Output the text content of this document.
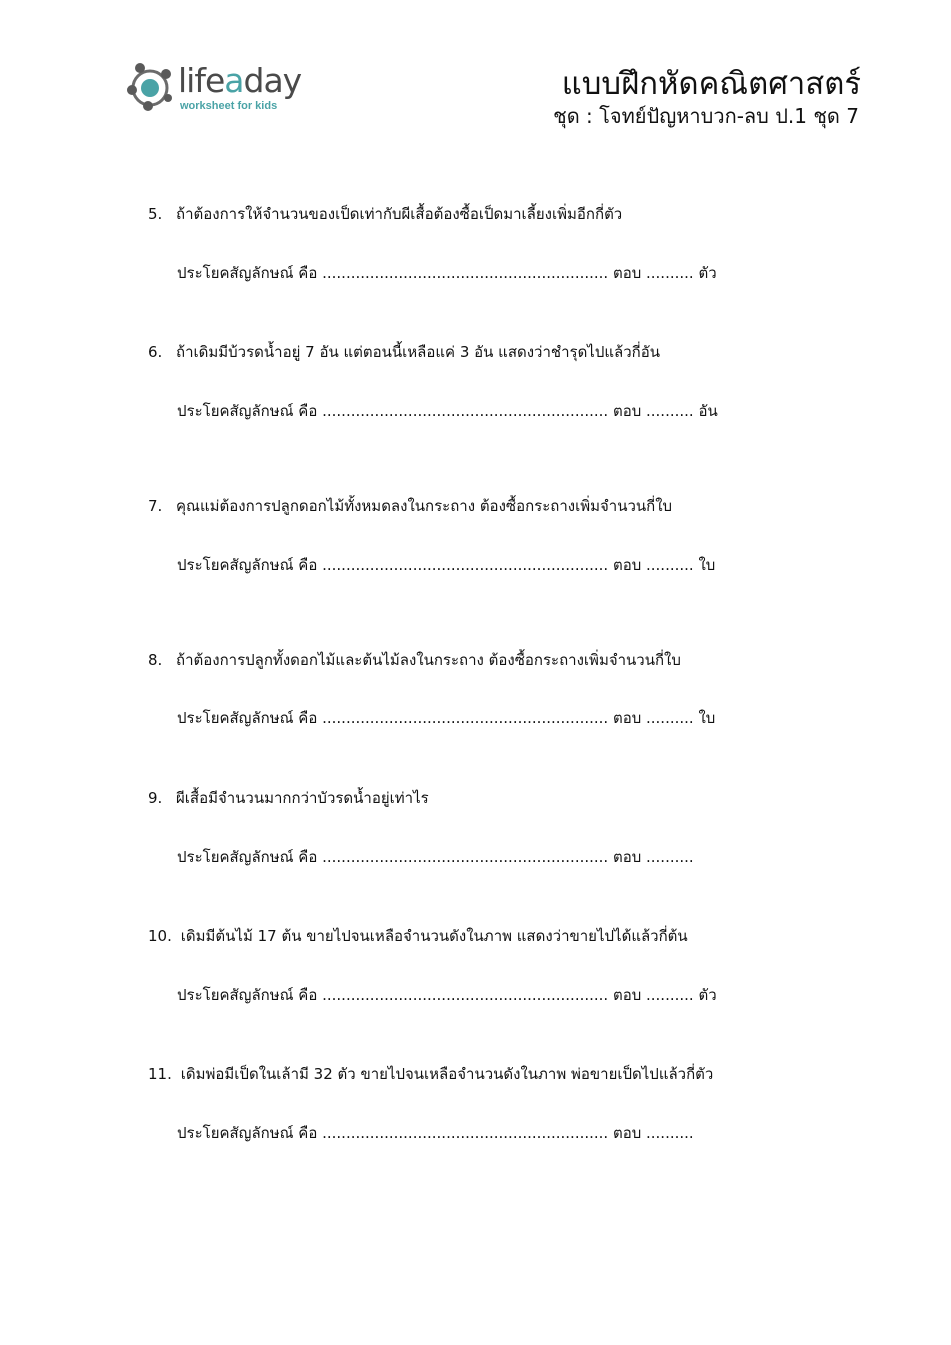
lifeaday
worksheet for kids
แบบฝึกหัดคณิตศาสตร์
ชุด : โจทย์ปัญหาบวก-ลบ ป.1 ชุด 7
5. ถ้าต้องการให้จำนวนของเป็ดเท่ากับผีเสื้อต้องซื้อเป็ดมาเลี้ยงเพิ่มอีกกี่ตัว
ประโยคสัญลักษณ์ คือ ............................................................ ตอบ .......... ตัว
6. ถ้าเดิมมีบ้วรดน้ำอยู่ 7 อัน แต่ตอนนี้เหลือแค่ 3 อัน แสดงว่าชำรุดไปแล้วกี่อัน
ประโยคสัญลักษณ์ คือ ............................................................ ตอบ .......... อัน
7. คุณแม่ต้องการปลูกดอกไม้ทั้งหมดลงในกระถาง ต้องซื้อกระถางเพิ่มจำนวนกี่ใบ
ประโยคสัญลักษณ์ คือ ............................................................ ตอบ .......... ใบ
8. ถ้าต้องการปลูกทั้งดอกไม้และต้นไม้ลงในกระถาง ต้องซื้อกระถางเพิ่มจำนวนกี่ใบ
ประโยคสัญลักษณ์ คือ ............................................................ ตอบ .......... ใบ
9. ผีเสื้อมีจำนวนมากกว่าบัวรดน้ำอยู่เท่าไร
ประโยคสัญลักษณ์ คือ ............................................................ ตอบ ..........
10. เดิมมีต้นไม้ 17 ต้น ขายไปจนเหลือจำนวนดังในภาพ แสดงว่าขายไปได้แล้วกี่ต้น
ประโยคสัญลักษณ์ คือ ............................................................ ตอบ .......... ตัว
11. เดิมพ่อมีเป็ดในเล้ามี 32 ตัว ขายไปจนเหลือจำนวนดังในภาพ พ่อขายเป็ดไปแล้วกี่ตัว
ประโยคสัญลักษณ์ คือ ............................................................ ตอบ ..........
